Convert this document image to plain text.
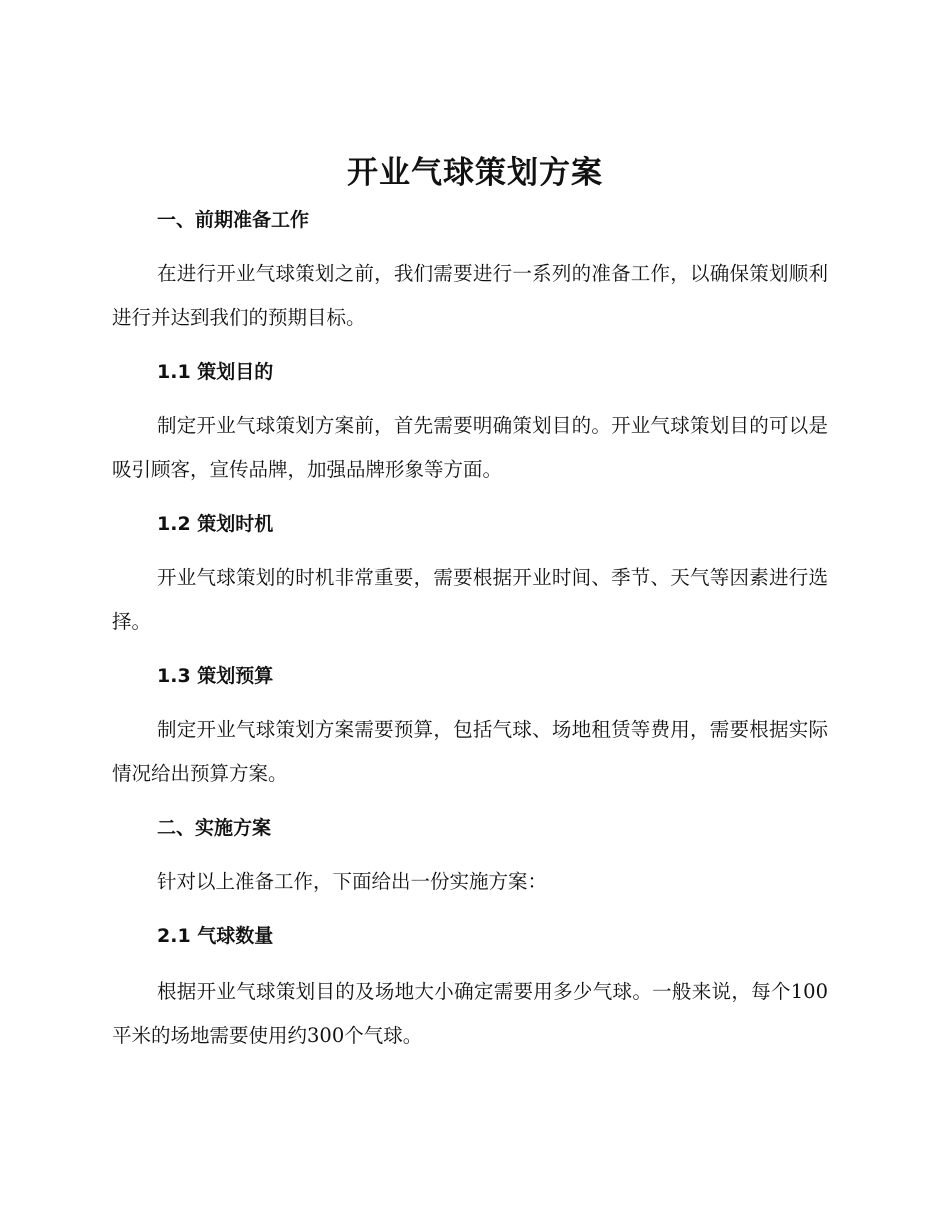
开业气球策划方案
一、前期准备工作

在进行开业气球策划之前，我们需要进行一系列的准备工作，以确保策划顺利进行并达到我们的预期目标。

1.1 策划目的

制定开业气球策划方案前，首先需要明确策划目的。开业气球策划目的可以是吸引顾客，宣传品牌，加强品牌形象等方面。

1.2 策划时机

开业气球策划的时机非常重要，需要根据开业时间、季节、天气等因素进行选择。

1.3 策划预算

制定开业气球策划方案需要预算，包括气球、场地租赁等费用，需要根据实际情况给出预算方案。

二、实施方案

针对以上准备工作，下面给出一份实施方案：

2.1 气球数量

根据开业气球策划目的及场地大小确定需要用多少气球。一般来说，每个100平米的场地需要使用约300个气球。
